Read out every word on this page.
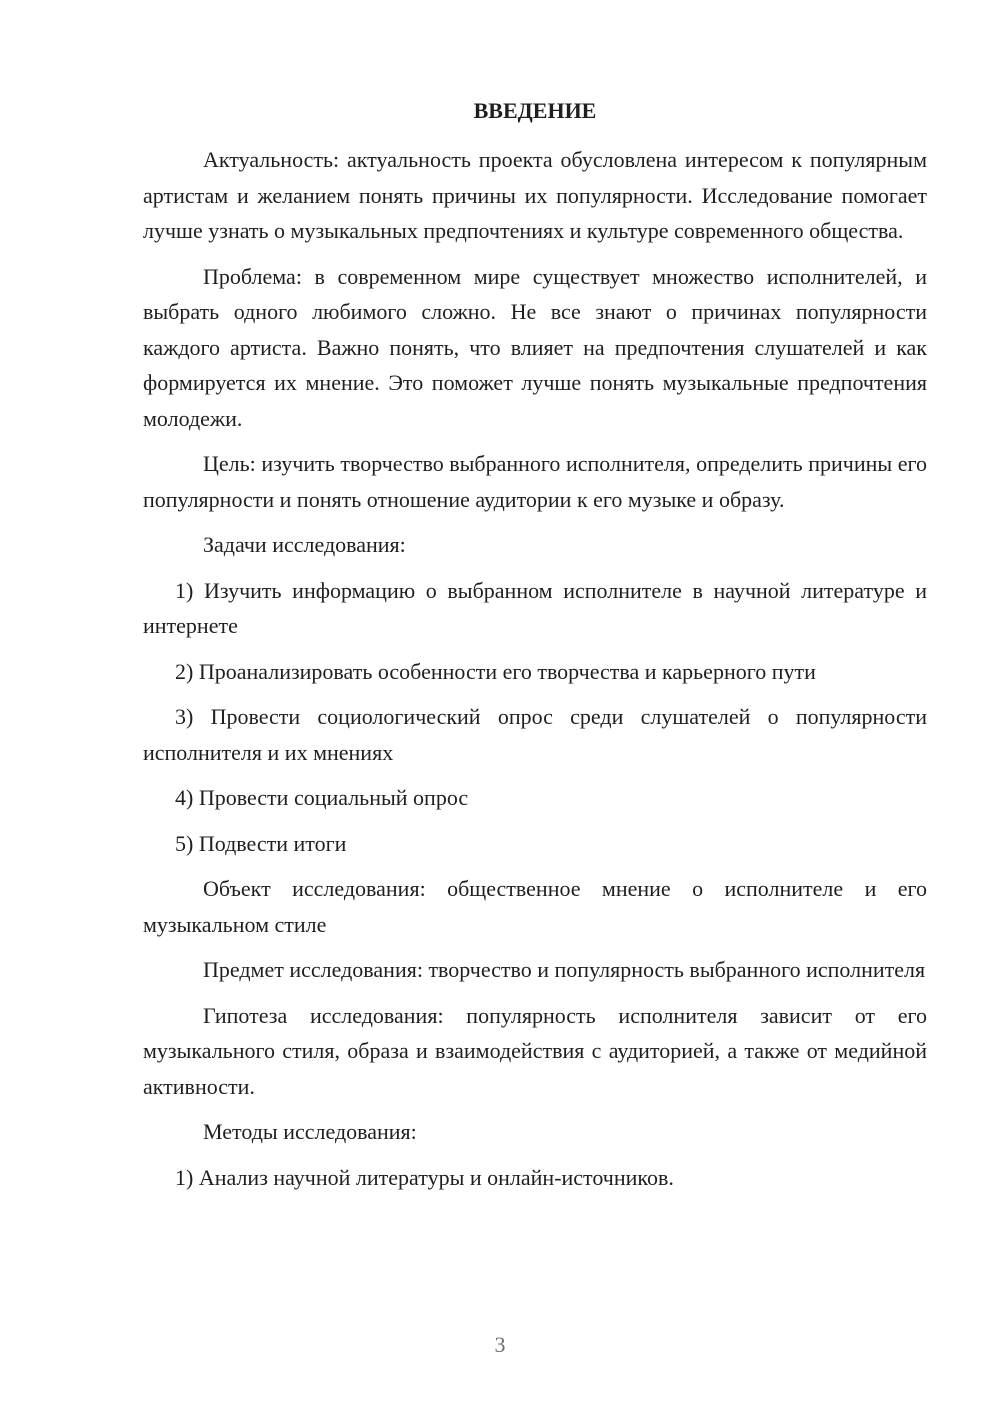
ВВЕДЕНИЕ

Актуальность: актуальность проекта обусловлена интересом к популярным артистам и желанием понять причины их популярности. Исследование помогает лучше узнать о музыкальных предпочтениях и культуре современного общества.

Проблема: в современном мире существует множество исполнителей, и выбрать одного любимого сложно. Не все знают о причинах популярности каждого артиста. Важно понять, что влияет на предпочтения слушателей и как формируется их мнение. Это поможет лучше понять музыкальные предпочтения молодежи.

Цель: изучить творчество выбранного исполнителя, определить причины его популярности и понять отношение аудитории к его музыке и образу.

Задачи исследования:

1) Изучить информацию о выбранном исполнителе в научной литературе и интернете

2) Проанализировать особенности его творчества и карьерного пути

3) Провести социологический опрос среди слушателей о популярности исполнителя и их мнениях

4) Провести социальный опрос

5) Подвести итоги

Объект исследования: общественное мнение о исполнителе и его музыкальном стиле

Предмет исследования: творчество и популярность выбранного исполнителя

Гипотеза исследования: популярность исполнителя зависит от его музыкального стиля, образа и взаимодействия с аудиторией, а также от медийной активности.

Методы исследования:

1) Анализ научной литературы и онлайн-источников.

3
